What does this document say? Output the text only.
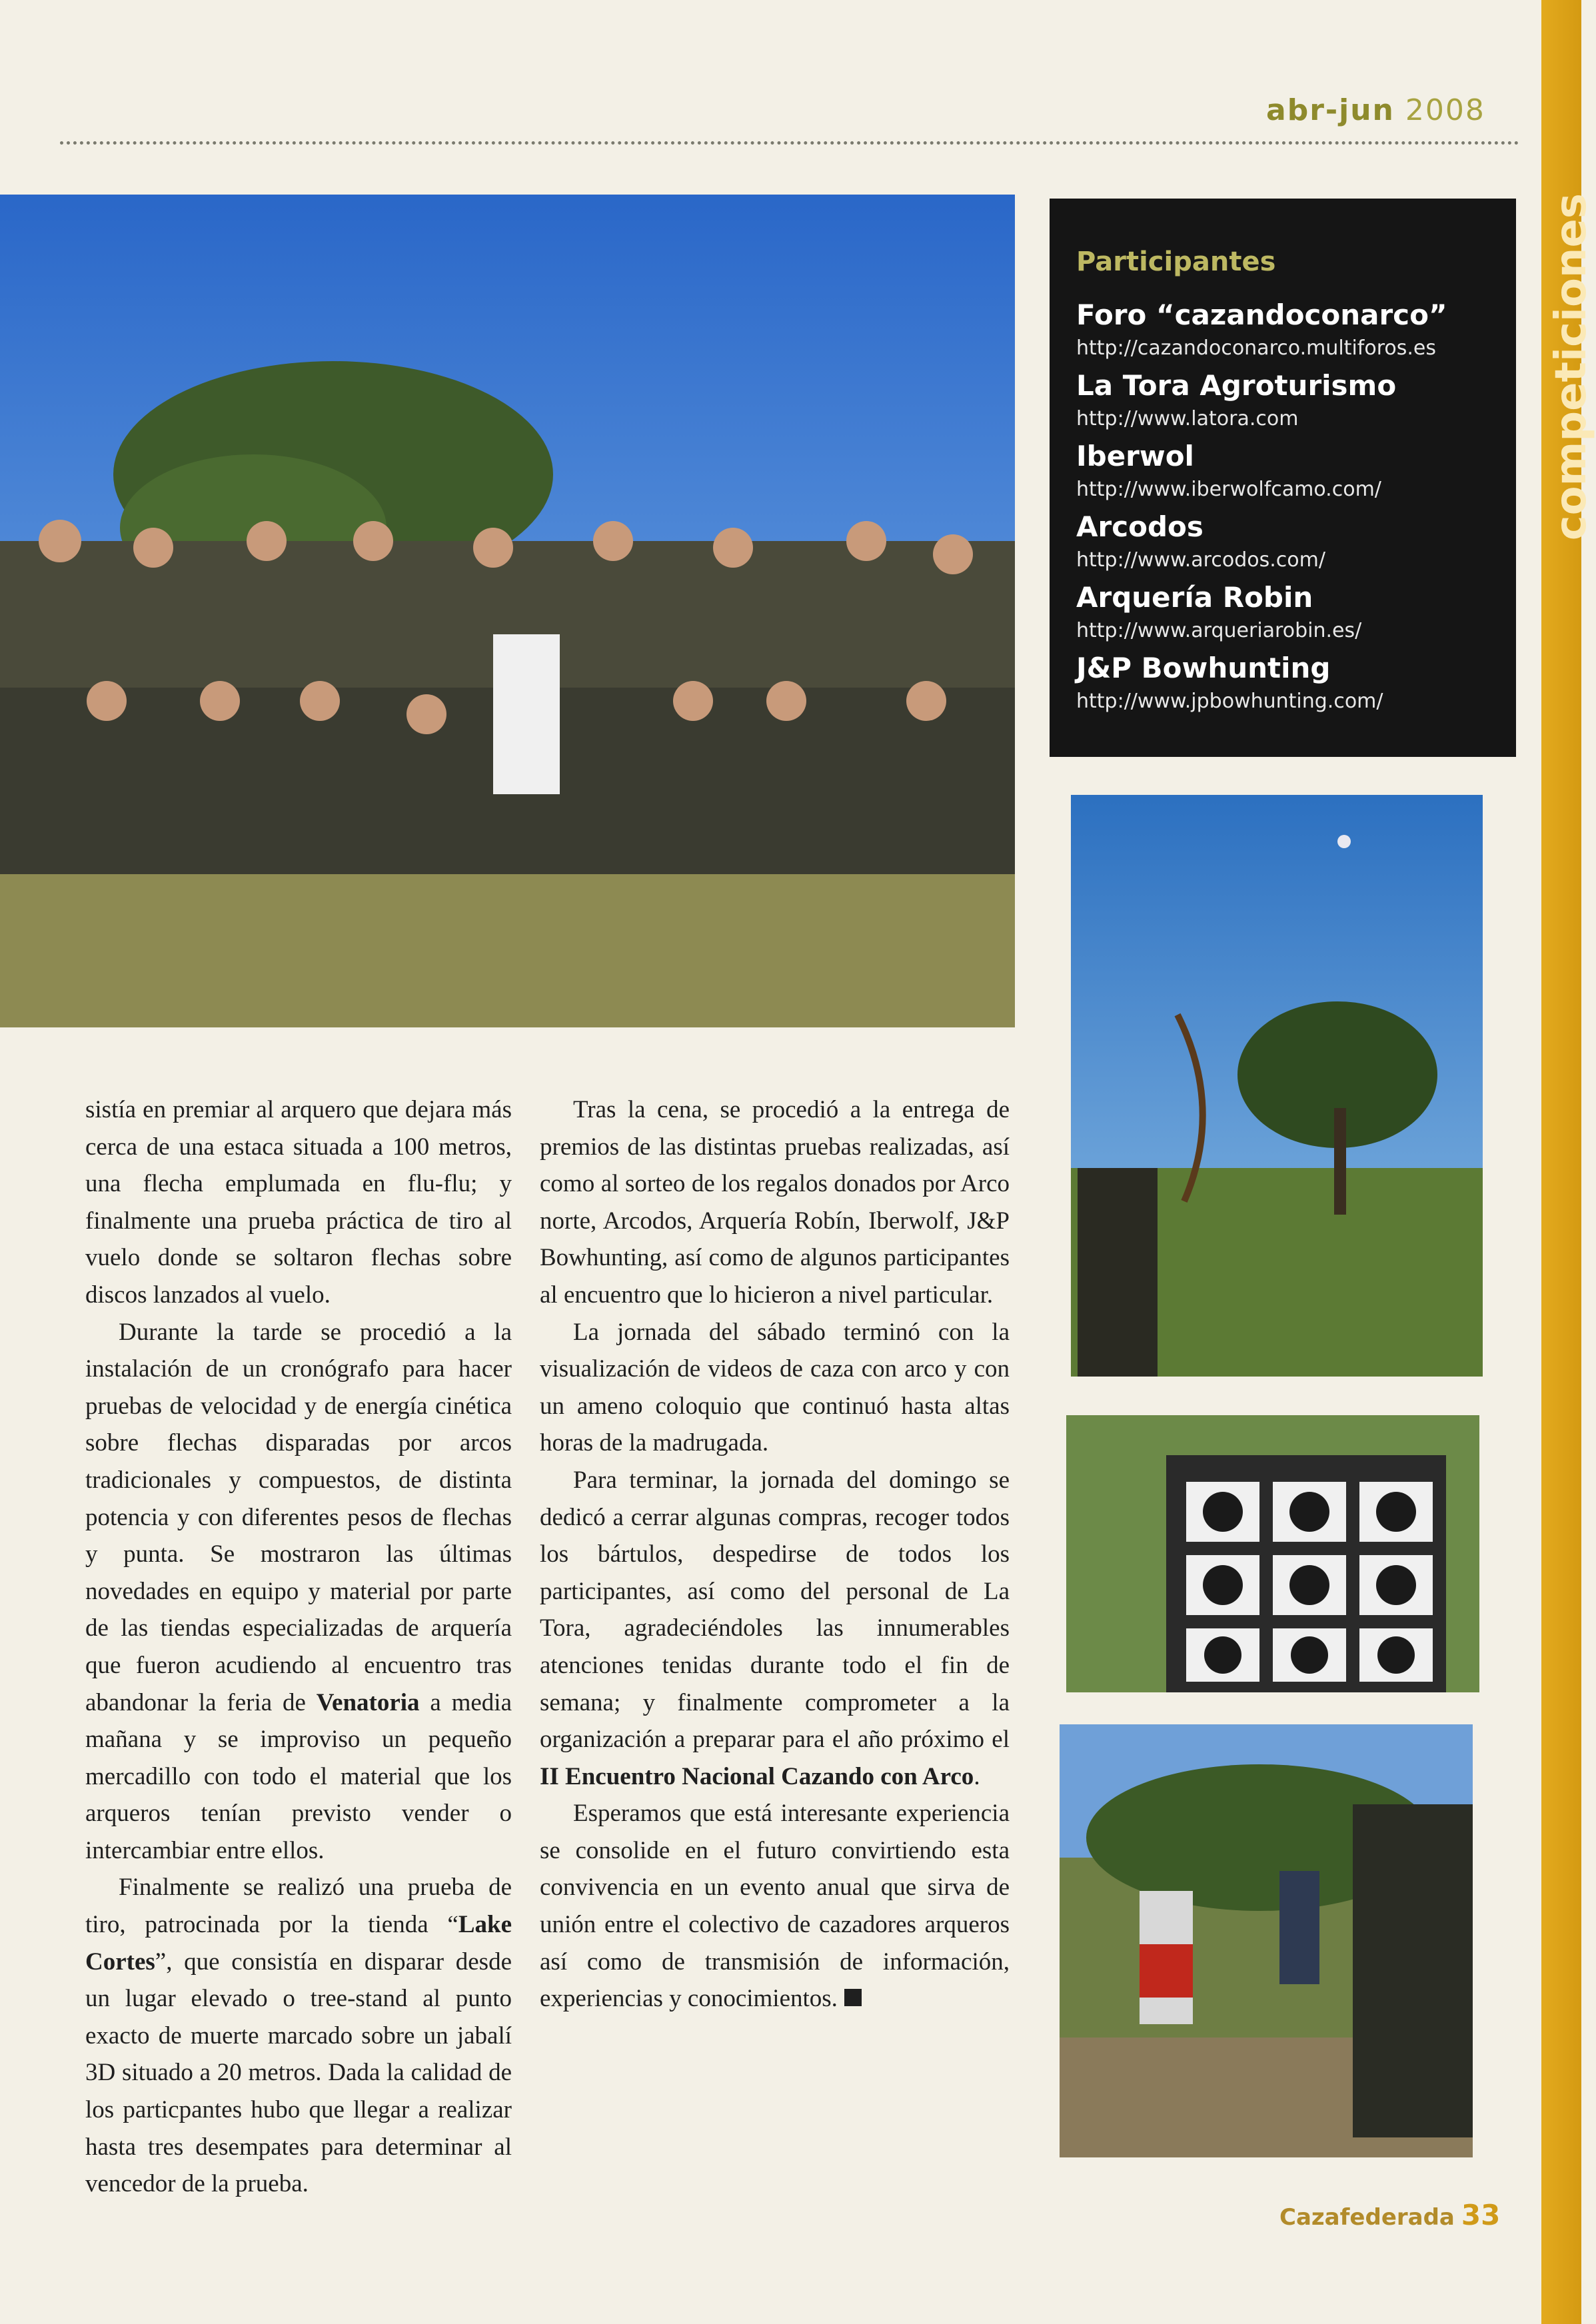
competiciones
abr-jun 2008
Participantes
Foro “cazandoconarco”
http://cazandoconarco.multiforos.es
La Tora Agroturismo
http://www.latora.com
Iberwol
http://www.iberwolfcamo.com/
Arcodos
http://www.arcodos.com/
Arquería Robin
http://www.arqueriarobin.es/
J&P Bowhunting
http://www.jpbowhunting.com/

sistía en premiar al arquero que dejara más cerca de una estaca situada a 100 metros, una flecha emplumada en flu-flu; y finalmente una prueba práctica de tiro al vuelo donde se soltaron flechas sobre discos lanzados al vuelo.

Durante la tarde se procedió a la instalación de un cronógrafo para hacer pruebas de velocidad y de energía cinética sobre flechas disparadas por arcos tradicionales y compuestos, de distinta potencia y con diferentes pesos de flechas y punta. Se mostraron las últimas novedades en equipo y material por parte de las tiendas especializadas de arquería que fueron acudiendo al encuentro tras abandonar la feria de Venatoria a media mañana y se improviso un pequeño mercadillo con todo el material que los arqueros tenían previsto vender o intercambiar entre ellos.

Finalmente se realizó una prueba de tiro, patrocinada por la tienda “Lake Cortes”, que consistía en disparar desde un lugar elevado o tree-stand al punto exacto de muerte marcado sobre un jabalí 3D situado a 20 metros. Dada la calidad de los particpantes hubo que llegar a realizar hasta tres desempates para determinar al vencedor de la prueba.

Tras la cena, se procedió a la entrega de premios de las distintas pruebas realizadas, así como al sorteo de los regalos donados por Arco norte, Arcodos, Arquería Robín, Iberwolf, J&P Bowhunting, así como de algunos participantes al encuentro que lo hicieron a nivel particular.

La jornada del sábado terminó con la visualización de videos de caza con arco y con un ameno coloquio que continuó hasta altas horas de la madrugada.

Para terminar, la jornada del domingo se dedicó a cerrar algunas compras, recoger todos los bártulos, despedirse de todos los participantes, así como del personal de La Tora, agradeciéndoles las innumerables atenciones tenidas durante todo el fin de semana; y finalmente comprometer a la organización a preparar para el año próximo el II Encuentro Nacional Cazando con Arco.

Esperamos que está interesante experiencia se consolide en el futuro convirtiendo esta convivencia en un evento anual que sirva de unión entre el colectivo de cazadores arqueros así como de transmisión de información, experiencias y conocimientos.

Cazafederada 33
